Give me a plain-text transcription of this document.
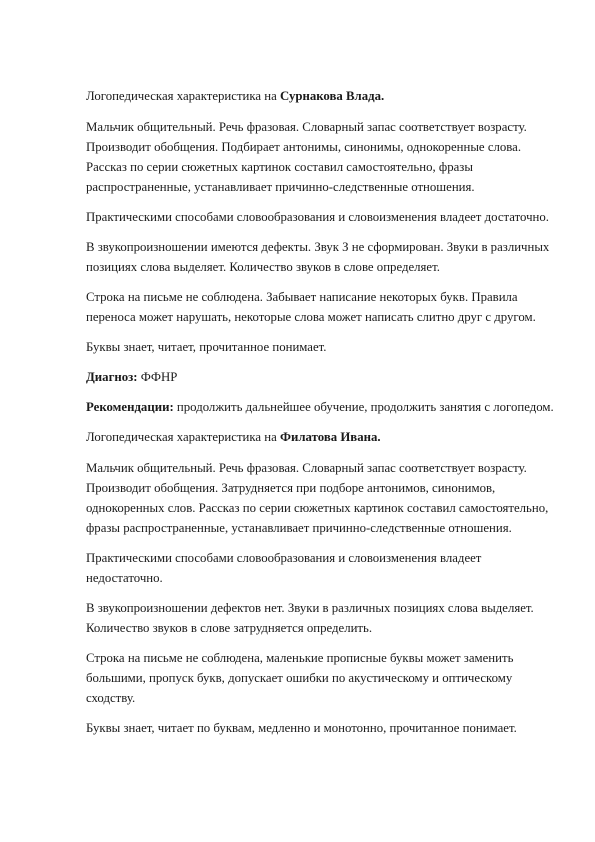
Логопедическая характеристика на Сурнакова Влада.

Мальчик общительный. Речь фразовая. Словарный запас соответствует возрасту. Производит обобщения. Подбирает антонимы, синонимы, однокоренные слова. Рассказ по серии сюжетных картинок составил самостоятельно, фразы распространенные, устанавливает причинно-следственные отношения.

Практическими способами словообразования и словоизменения владеет достаточно.

В звукопроизношении имеются дефекты. Звук З не сформирован. Звуки в различных позициях слова выделяет. Количество звуков в слове определяет.

Строка на письме не соблюдена. Забывает написание некоторых букв. Правила переноса может нарушать, некоторые слова может написать слитно друг с другом.

Буквы знает, читает, прочитанное понимает.

Диагноз: ФФНР

Рекомендации: продолжить дальнейшее обучение, продолжить занятия с логопедом.

Логопедическая характеристика на Филатова Ивана.

Мальчик общительный. Речь фразовая. Словарный запас соответствует возрасту. Производит обобщения. Затрудняется при подборе антонимов, синонимов, однокоренных слов. Рассказ по серии сюжетных картинок составил самостоятельно, фразы распространенные, устанавливает причинно-следственные отношения.

Практическими способами словообразования и словоизменения владеет недостаточно.

В звукопроизношении дефектов нет. Звуки в различных позициях слова выделяет. Количество звуков в слове затрудняется определить.

Строка на письме не соблюдена, маленькие прописные буквы может заменить большими, пропуск букв, допускает ошибки по акустическому и оптическому сходству.

Буквы знает, читает по буквам, медленно и монотонно, прочитанное понимает.
